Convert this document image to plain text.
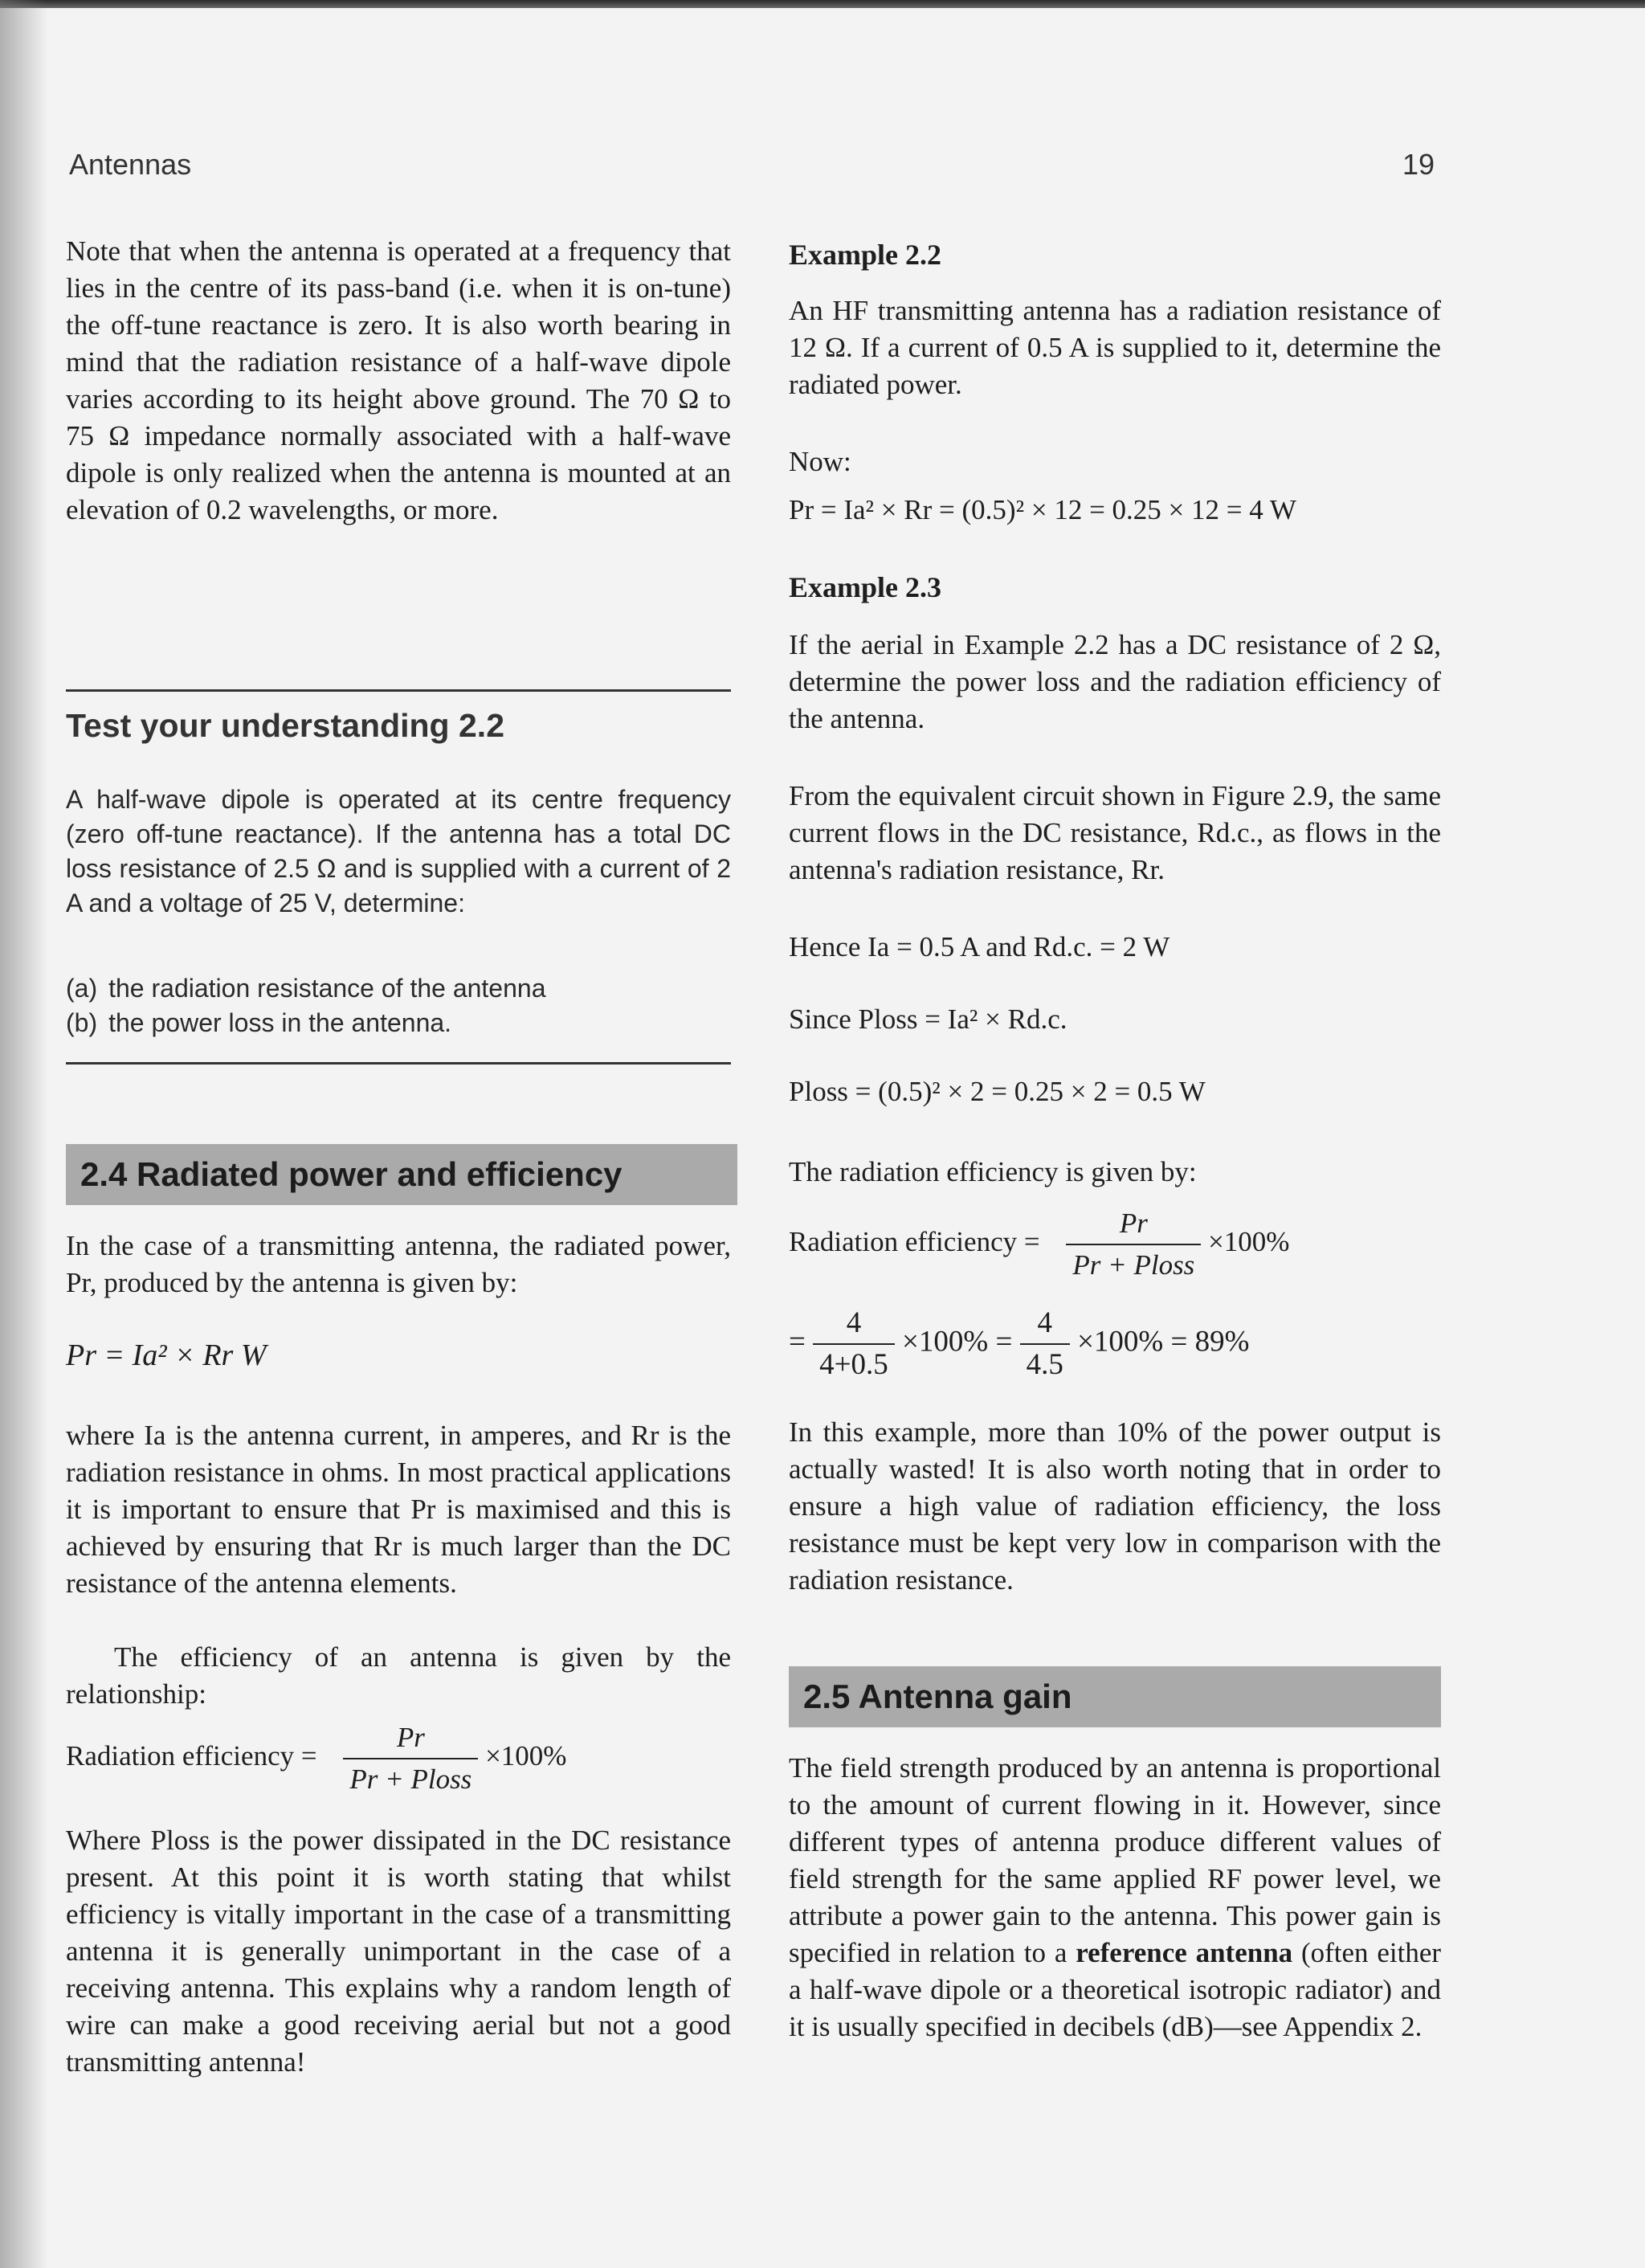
Antennas	19

Note that when the antenna is operated at a frequency that lies in the centre of its pass-band (i.e. when it is on-tune) the off-tune reactance is zero. It is also worth bearing in mind that the radiation resistance of a half-wave dipole varies according to its height above ground. The 70 Ω to 75 Ω impedance normally associated with a half-wave dipole is only realized when the antenna is mounted at an elevation of 0.2 wavelengths, or more.

Test your understanding 2.2

A half-wave dipole is operated at its centre frequency (zero off-tune reactance). If the antenna has a total DC loss resistance of 2.5 Ω and is supplied with a current of 2 A and a voltage of 25 V, determine:

(a) the radiation resistance of the antenna
(b) the power loss in the antenna.
2.4 Radiated power and efficiency

In the case of a transmitting antenna, the radiated power, Pr, produced by the antenna is given by:

Pr = Ia² × Rr W

where Ia is the antenna current, in amperes, and Rr is the radiation resistance in ohms. In most practical applications it is important to ensure that Pr is maximised and this is achieved by ensuring that Rr is much larger than the DC resistance of the antenna elements.

The efficiency of an antenna is given by the relationship:

Radiation efficiency = $\frac{Pr}{\text{Pr + Ploss}} \times 100\%$

Where Ploss is the power dissipated in the DC resistance present. At this point it is worth stating that whilst efficiency is vitally important in the case of a transmitting antenna it is generally unimportant in the case of a receiving antenna. This explains why a random length of wire can make a good receiving aerial but not a good transmitting antenna!

Example 2.2

An HF transmitting antenna has a radiation resistance of 12 Ω. If a current of 0.5 A is supplied to it, determine the radiated power.

Now:

Pr = Ia² × Rr = (0.5)² × 12 = 0.25 × 12 = 4 W
Example 2.3

If the aerial in Example 2.2 has a DC resistance of 2 Ω, determine the power loss and the radiation efficiency of the antenna.

From the equivalent circuit shown in Figure 2.9, the same current flows in the DC resistance, Rd.c., as flows in the antenna's radiation resistance, Rr.

Hence Ia = 0.5 A and Rd.c. = 2 W
Since Ploss = Ia² × Rd.c.
Ploss = (0.5)² × 2 = 0.25 × 2 = 0.5 W

The radiation efficiency is given by:

Radiation efficiency = $\frac{Pr}{\text{Pr + Ploss}} \times 100\%$
= $\frac{4}{4+0.5} \times 100\% = \frac{4}{4.5} \times 100\% = 89\%$

In this example, more than 10% of the power output is actually wasted! It is also worth noting that in order to ensure a high value of radiation efficiency, the loss resistance must be kept very low in comparison with the radiation resistance.

2.5 Antenna gain

The field strength produced by an antenna is proportional to the amount of current flowing in it. However, since different types of antenna produce different values of field strength for the same applied RF power level, we attribute a power gain to the antenna. This power gain is specified in relation to a reference antenna (often either a half-wave dipole or a theoretical isotropic radiator) and it is usually specified in decibels (dB)—see Appendix 2.
